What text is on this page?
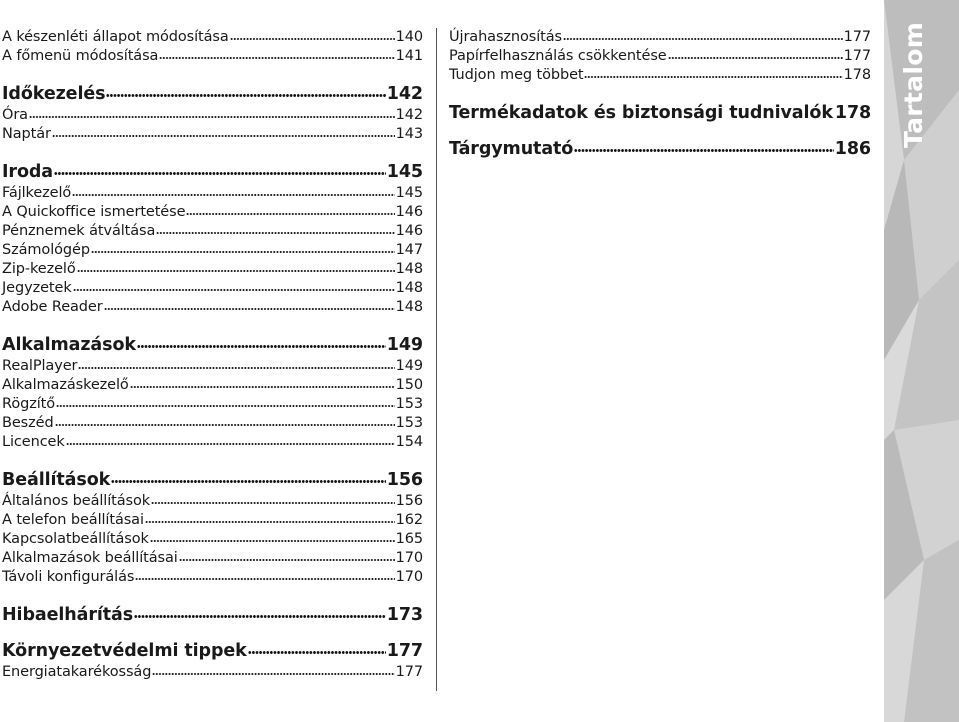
A készenléti állapot módosítása	140
A főmenü módosítása	141
Időkezelés	142
Óra	142
Naptár	143
Iroda	145
Fájlkezelő	145
A Quickoffice ismertetése	146
Pénznemek átváltása	146
Számológép	147
Zip-kezelő	148
Jegyzetek	148
Adobe Reader	148
Alkalmazások	149
RealPlayer	149
Alkalmazáskezelő	150
Rögzítő	153
Beszéd	153
Licencek	154
Beállítások	156
Általános beállítások	156
A telefon beállításai	162
Kapcsolatbeállítások	165
Alkalmazások beállításai	170
Távoli konfigurálás	170
Hibaelhárítás	173
Környezetvédelmi tippek	177
Energiatakarékosság	177
Újrahasznosítás	177
Papírfelhasználás csökkentése	177
Tudjon meg többet	178
Termékadatok és biztonsági tudnivalók 178
Tárgymutató	186
Tartalom
